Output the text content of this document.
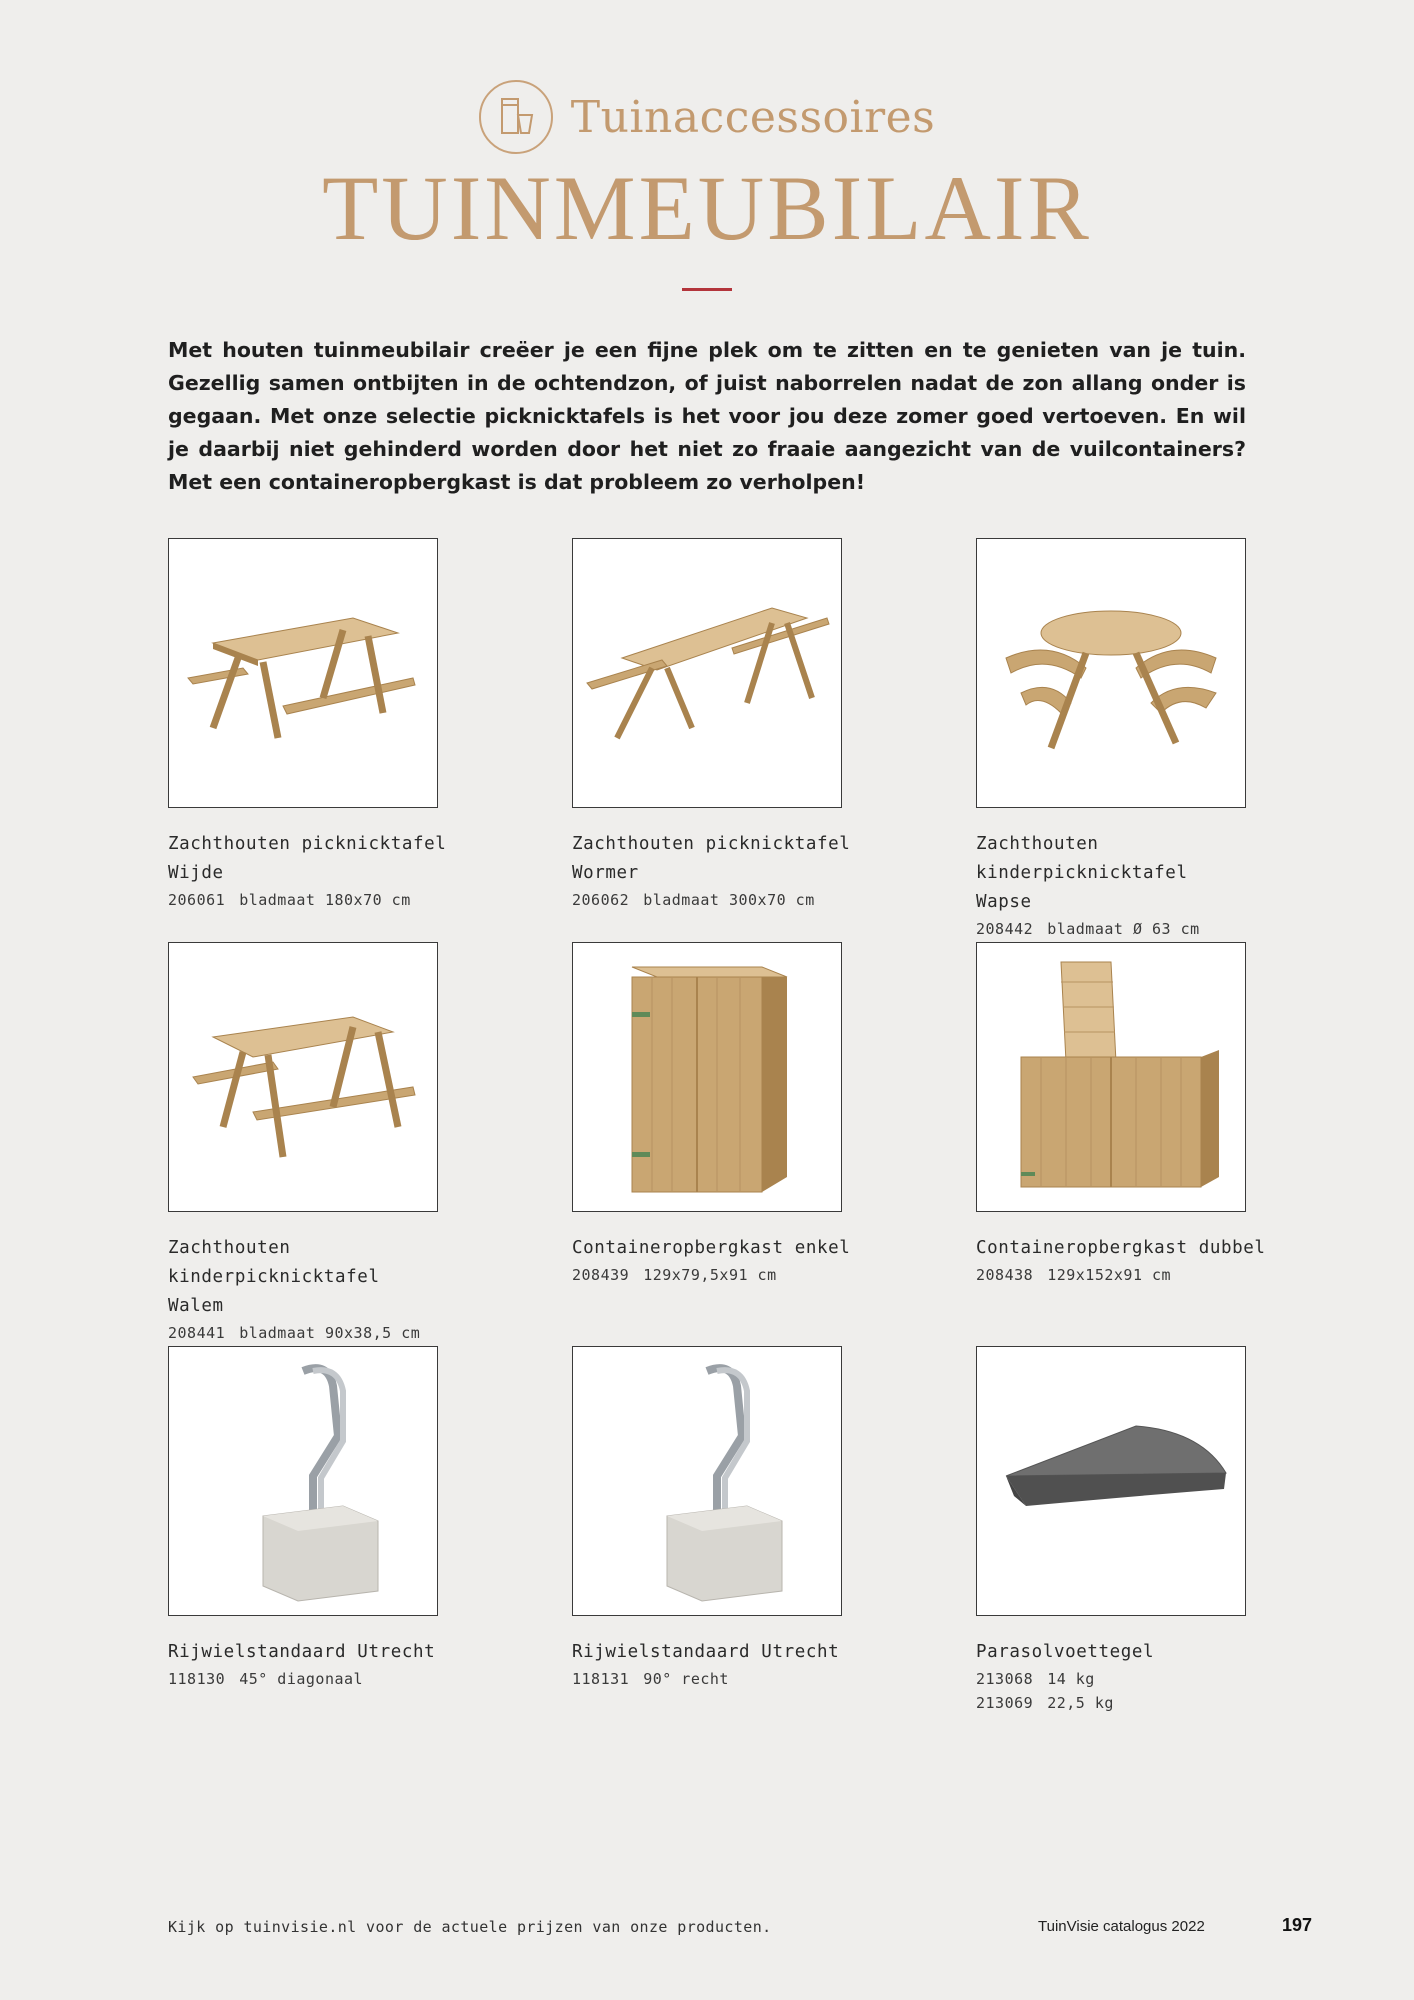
Tuinaccessoires
TUINMEUBILAIR
Met houten tuinmeubilair creëer je een fijne plek om te zitten en te genieten van je tuin. Gezellig samen ontbijten in de ochtendzon, of juist naborrelen nadat de zon allang onder is gegaan. Met onze selectie picknicktafels is het voor jou deze zomer goed vertoeven. En wil je daarbij niet gehinderd worden door het niet zo fraaie aangezicht van de vuilcontainers? Met een containeropbergkast is dat probleem zo verholpen!
Zachthouten picknicktafel
Wijde
206061 bladmaat 180x70 cm
Zachthouten picknicktafel
Wormer
206062 bladmaat 300x70 cm
Zachthouten kinderpicknicktafel
Wapse
208442 bladmaat Ø 63 cm
Zachthouten kinderpicknicktafel
Walem
208441 bladmaat 90x38,5 cm
Containeropbergkast enkel
208439 129x79,5x91 cm
Containeropbergkast dubbel
208438 129x152x91 cm
Rijwielstandaard Utrecht
118130 45° diagonaal
Rijwielstandaard Utrecht
118131 90° recht
Parasolvoettegel
213068 14 kg
213069 22,5 kg
Kijk op tuinvisie.nl voor de actuele prijzen van onze producten.	TuinVisie catalogus 2022	197
